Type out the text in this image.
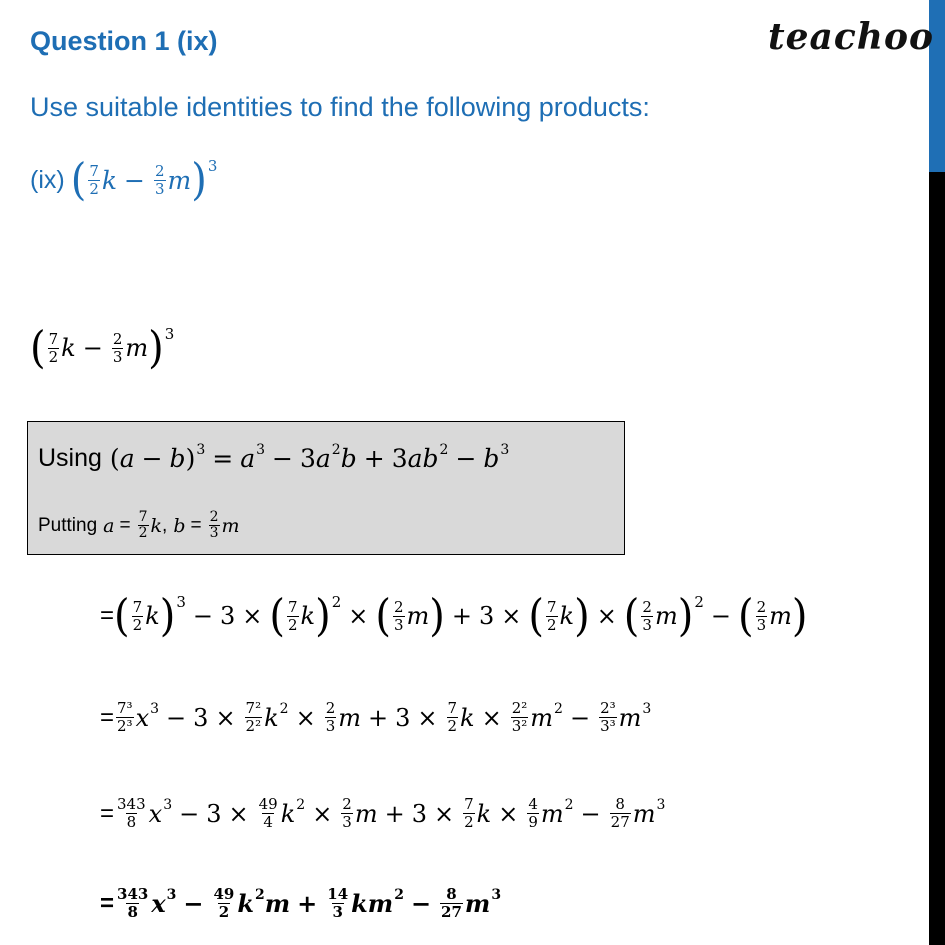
Question 1 (ix)	teachoo
Use suitable identities to find the following products:
(ix) ( $\frac{7}{2}$ $k - \frac{2}{3}$ m ) 3
( $\frac{7}{2}$ $k - \frac{2}{3}$ m ) 3
Using ( a − b ) 3 = a 3 − 3 a 2 b + 3 ab 2 − b 3
Putting $a = \frac{7}{2}$ k , $b = \frac{2}{3}$ m
= ( $\frac{7}{2}$ k ) 3 − 3 × ( $\frac{7}{2}$ k ) 2 × ( $\frac{2}{3}$ m ) + 3 × ( $\frac{7}{2}$ k ) × ( $\frac{2}{3}$ m ) 2 − ( $\frac{2}{3}$ m )
= $\frac{\text{7³}}{\text{2³}}$ x $3 - 3 \times \frac{\text{7²}}{\text{2²}}$ k $2 \times \frac{2}{3}$ $m + 3 \times \frac{7}{2}$ $k \times \frac{\text{2²}}{\text{3²}}$ m $2 - \frac{\text{2³}}{\text{3³}}$ m 3
= $\frac{343}{8}$ x $3 - 3 \times \frac{49}{4}$ k $2 \times \frac{2}{3}$ $m + 3 \times \frac{7}{2}$ $k \times \frac{4}{9}$ m $2 - \frac{8}{27}$ m 3
= $\frac{343}{8}$ x $3 - \frac{49}{2}$ k 2 $m + \frac{14}{3}$ km $2 - \frac{8}{27}$ m 3
